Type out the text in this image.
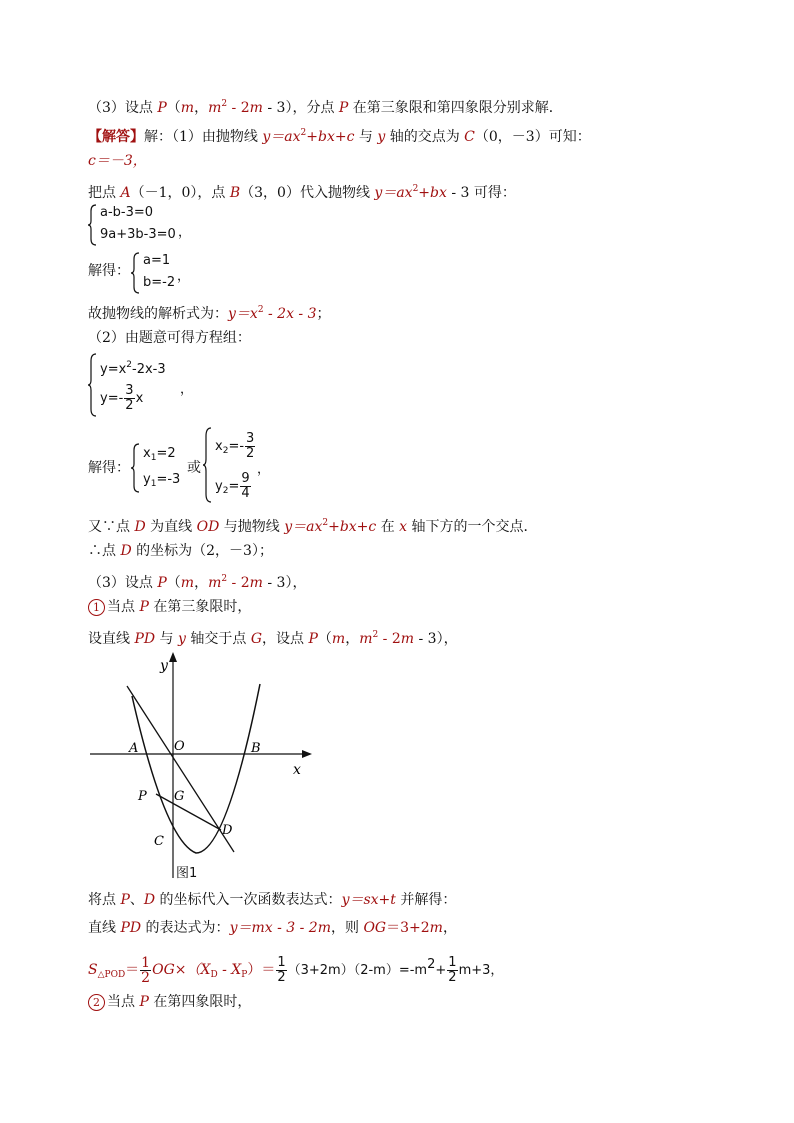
（3）设点 P（m，$m^2 - 2m - 3$），分点 P 在第三象限和第四象限分别求解．
【解答】解：（1）由抛物线 $y=ax^2+bx+c$ 与 y 轴的交点为 C（0，－3）可知：
c＝－3，
把点 A（－1，0），点 B（3，0）代入抛物线 $y=ax^2+bx - 3$ 可得：
a-b-3=0
9a+3b-3=0 ，
解得：
a=1
b=-2 ，
故抛物线的解析式为：$y=x^2 - 2x - 3$；
（2）由题意可得方程组：
$y=x^2-2x-3$
$y=- \frac{3}{2}$ x
，
解得：
$x_1=2$
$y_1=-3$
或
$x_2=- \frac{3}{2}$
$y_2= \frac{9}{4}$
，
又∵点 D 为直线 OD 与抛物线 $y=ax^2+bx+c$ 在 x 轴下方的一个交点．
∴点 D 的坐标为（2，－3）；
（3）设点 P（m，$m^2 - 2m - 3$），
1 当点 P 在第三象限时，
设直线 PD 与 y 轴交于点 G，设点 P（m，$m^2 - 2m - 3$），
y
x
A	O	B
P G
C
D
图1
将点 P、D 的坐标代入一次函数表达式：y＝sx+t 并解得：
直线 PD 的表达式为：y＝mx - 3 - 2m，则 OG＝3+2m，
$S_{\triangle POD}= \frac{1}{2} OG\times(X_D - X_P)= \frac{1}{2} (3+2m)(2-m)=-m2+ \frac{1}{2} m+3$，
2 当点 P 在第四象限时，
